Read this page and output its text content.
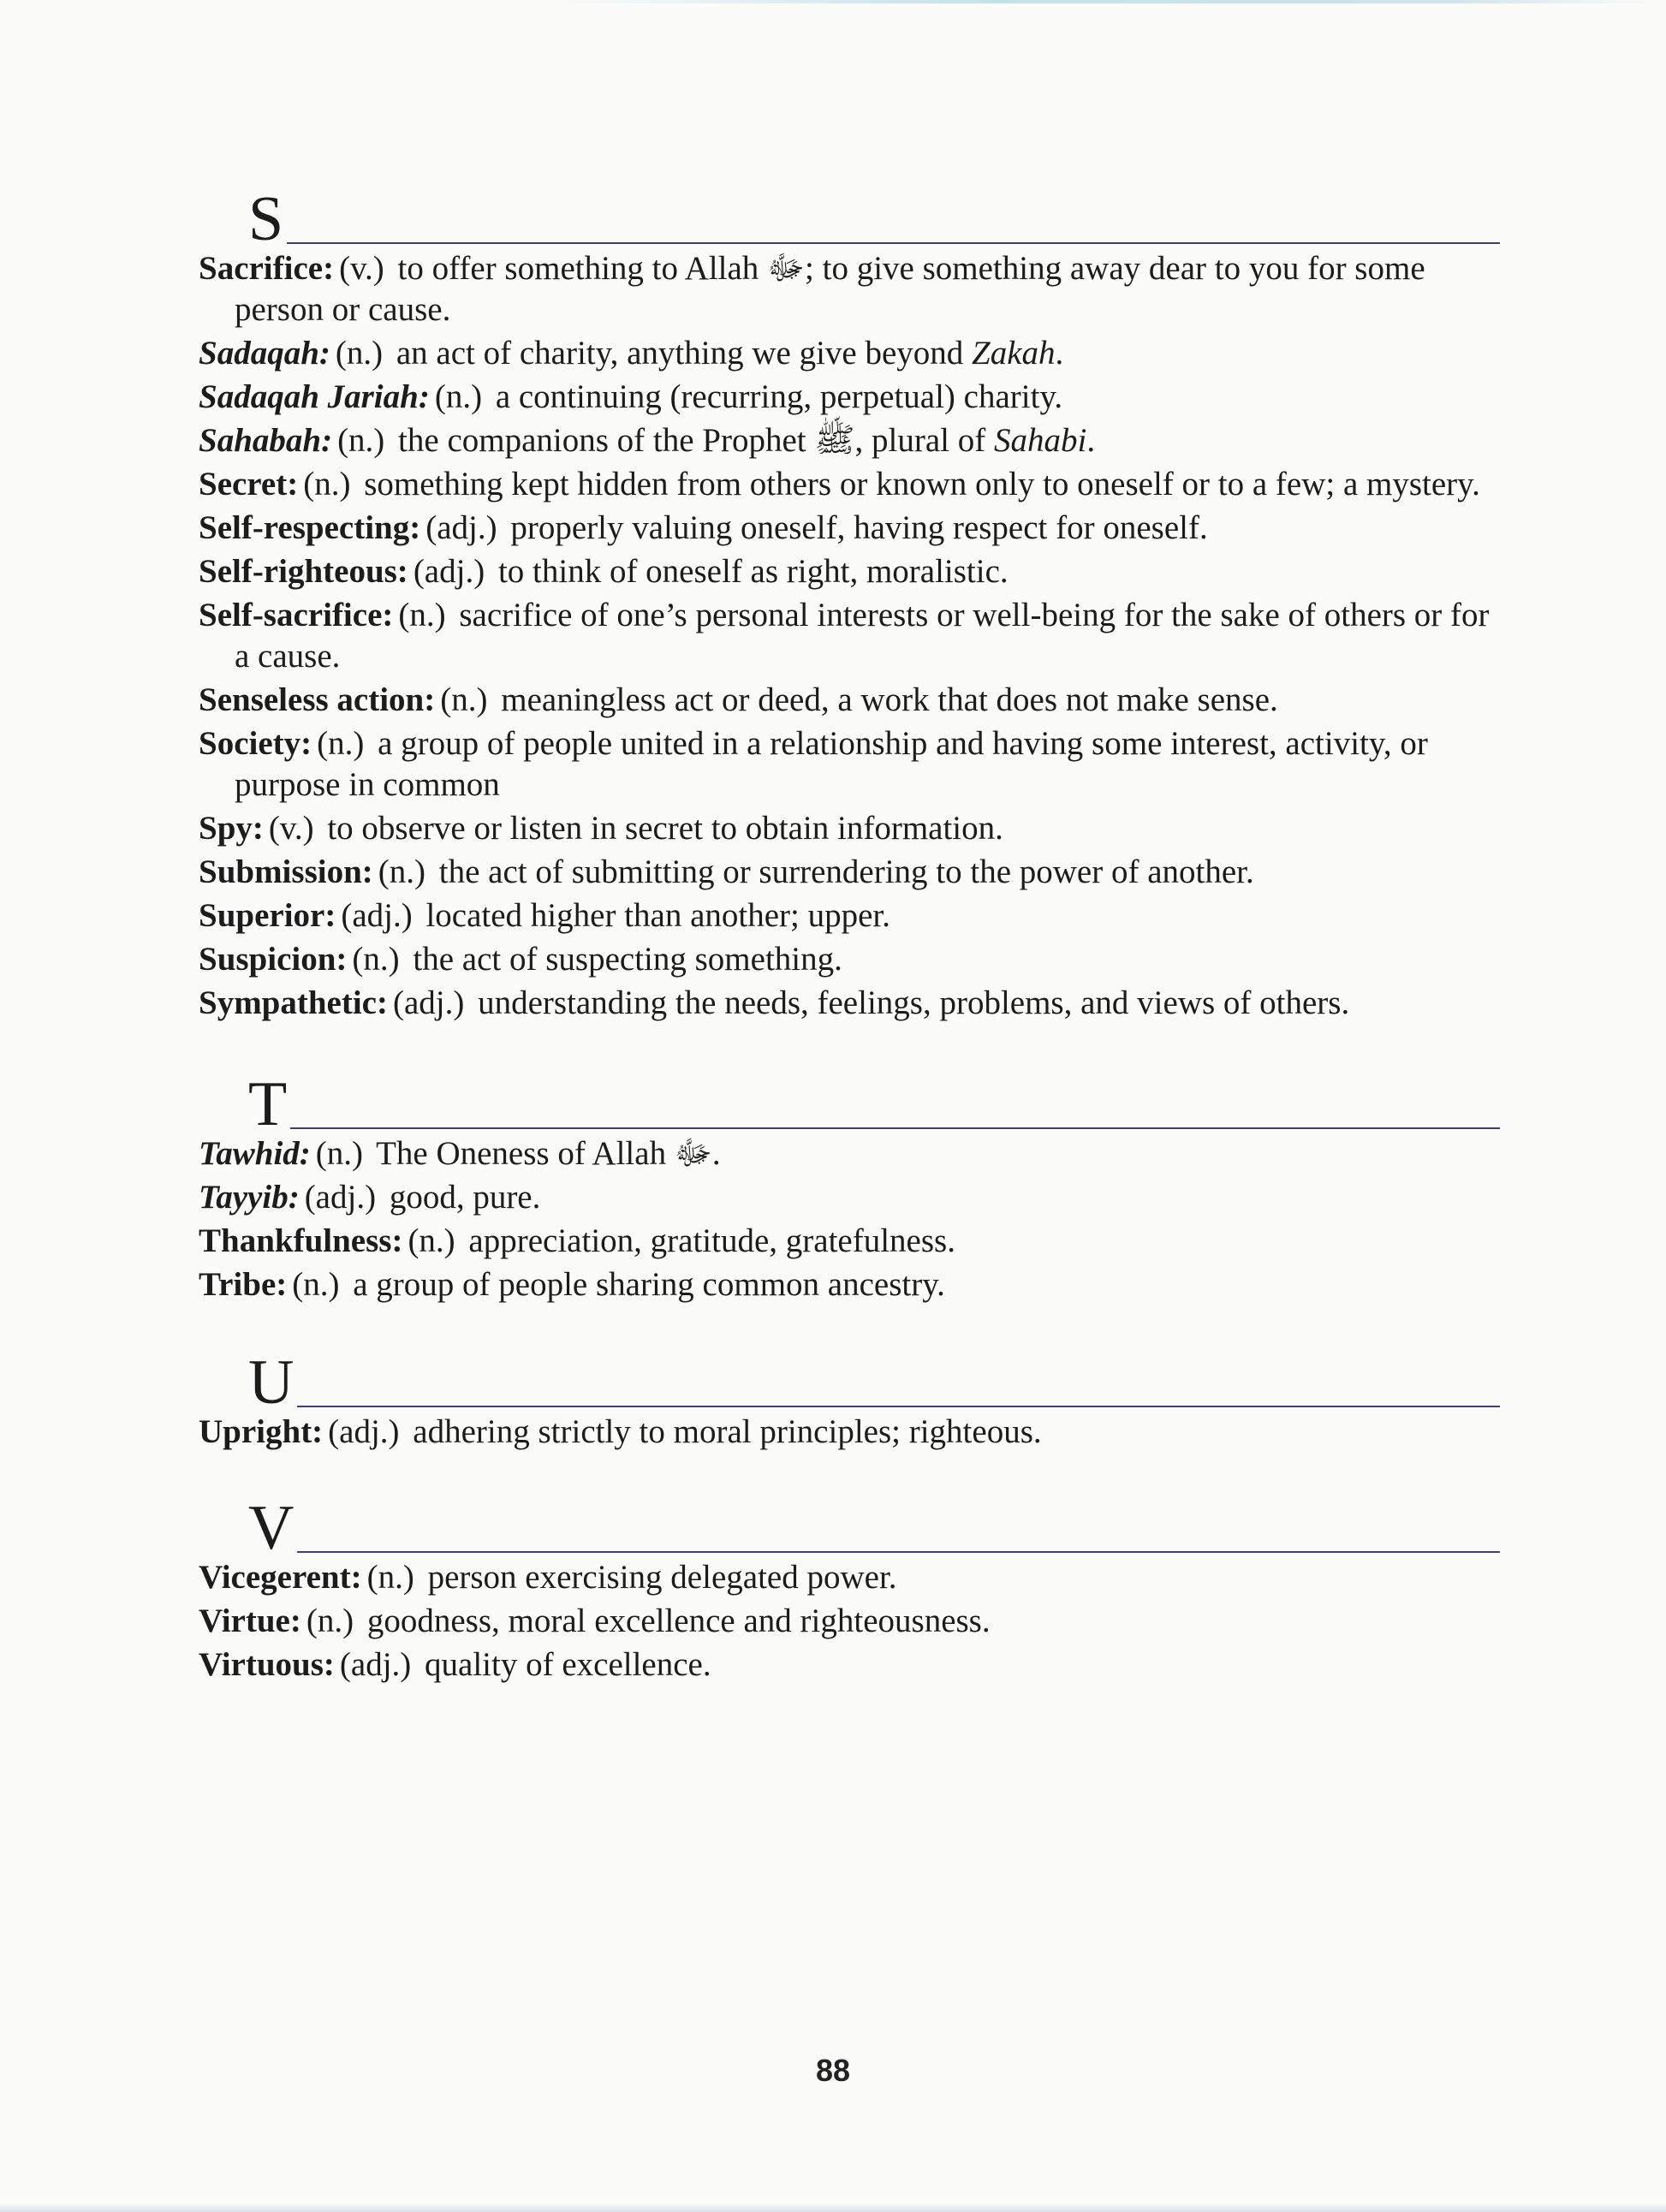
S

Sacrifice: (v.) to offer something to Allah ﷻ; to give something away dear to you for some person or cause.

Sadaqah: (n.) an act of charity, anything we give beyond Zakah.

Sadaqah Jariah: (n.) a continuing (recurring, perpetual) charity.

Sahabah: (n.) the companions of the Prophet ﷺ, plural of Sahabi.

Secret: (n.) something kept hidden from others or known only to oneself or to a few; a mystery.

Self-respecting: (adj.) properly valuing oneself, having respect for oneself.

Self-righteous: (adj.) to think of oneself as right, moralistic.

Self-sacrifice: (n.) sacrifice of one’s personal interests or well-being for the sake of others or for a cause.

Senseless action: (n.) meaningless act or deed, a work that does not make sense.

Society: (n.) a group of people united in a relationship and having some interest, activity, or purpose in common

Spy: (v.) to observe or listen in secret to obtain information.

Submission: (n.) the act of submitting or surrendering to the power of another.

Superior: (adj.) located higher than another; upper.

Suspicion: (n.) the act of suspecting something.

Sympathetic: (adj.) understanding the needs, feelings, problems, and views of others.

T

Tawhid: (n.) The Oneness of Allah ﷻ.

Tayyib: (adj.) good, pure.

Thankfulness: (n.) appreciation, gratitude, gratefulness.

Tribe: (n.) a group of people sharing common ancestry.

U

Upright: (adj.) adhering strictly to moral principles; righteous.

V

Vicegerent: (n.) person exercising delegated power.

Virtue: (n.) goodness, moral excellence and righteousness.

Virtuous: (adj.) quality of excellence.

88
